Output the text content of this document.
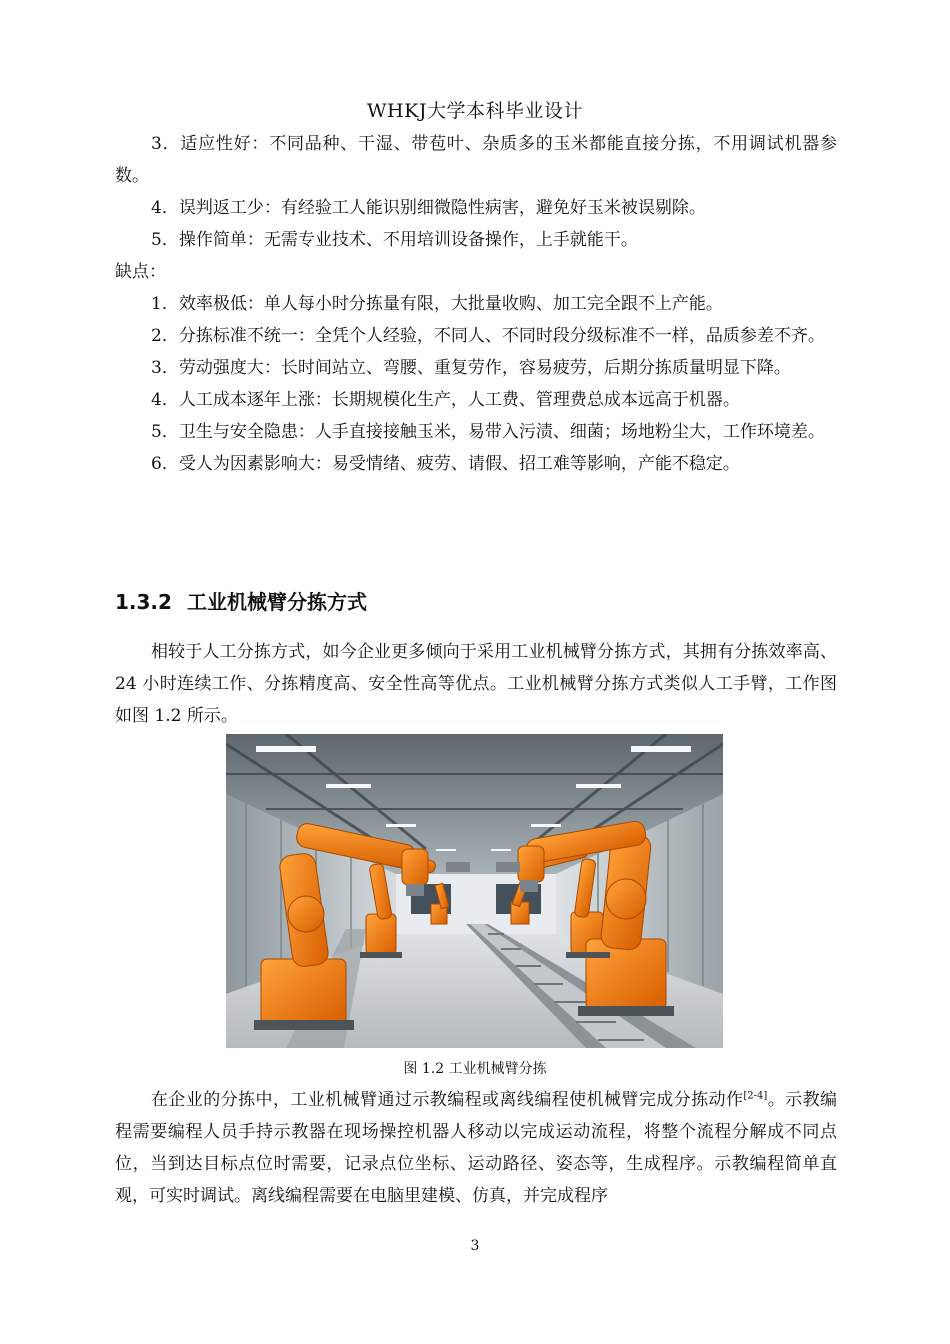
WHKJ大学本科毕业设计

3．适应性好：不同品种、干湿、带苞叶、杂质多的玉米都能直接分拣，不用调试机器参数。

4．误判返工少：有经验工人能识别细微隐性病害，避免好玉米被误剔除。

5．操作简单：无需专业技术、不用培训设备操作，上手就能干。

缺点：

1．效率极低：单人每小时分拣量有限，大批量收购、加工完全跟不上产能。

2．分拣标准不统一：全凭个人经验，不同人、不同时段分级标准不一样，品质参差不齐。

3．劳动强度大：长时间站立、弯腰、重复劳作，容易疲劳，后期分拣质量明显下降。

4．人工成本逐年上涨：长期规模化生产，人工费、管理费总成本远高于机器。

5．卫生与安全隐患：人手直接接触玉米，易带入污渍、细菌；场地粉尘大，工作环境差。

6．受人为因素影响大：易受情绪、疲劳、请假、招工难等影响，产能不稳定。

1.3.2 工业机械臂分拣方式

相较于人工分拣方式，如今企业更多倾向于采用工业机械臂分拣方式，其拥有分拣效率高、24 小时连续工作、分拣精度高、安全性高等优点。工业机械臂分拣方式类似人工手臂，工作图如图 1.2 所示。

图 1.2 工业机械臂分拣

在企业的分拣中，工业机械臂通过示教编程或离线编程使机械臂完成分拣动作[2-4]。示教编程需要编程人员手持示教器在现场操控机器人移动以完成运动流程，将整个流程分解成不同点位，当到达目标点位时需要，记录点位坐标、运动路径、姿态等，生成程序。示教编程简单直观，可实时调试。离线编程需要在电脑里建模、仿真，并完成程序

3
